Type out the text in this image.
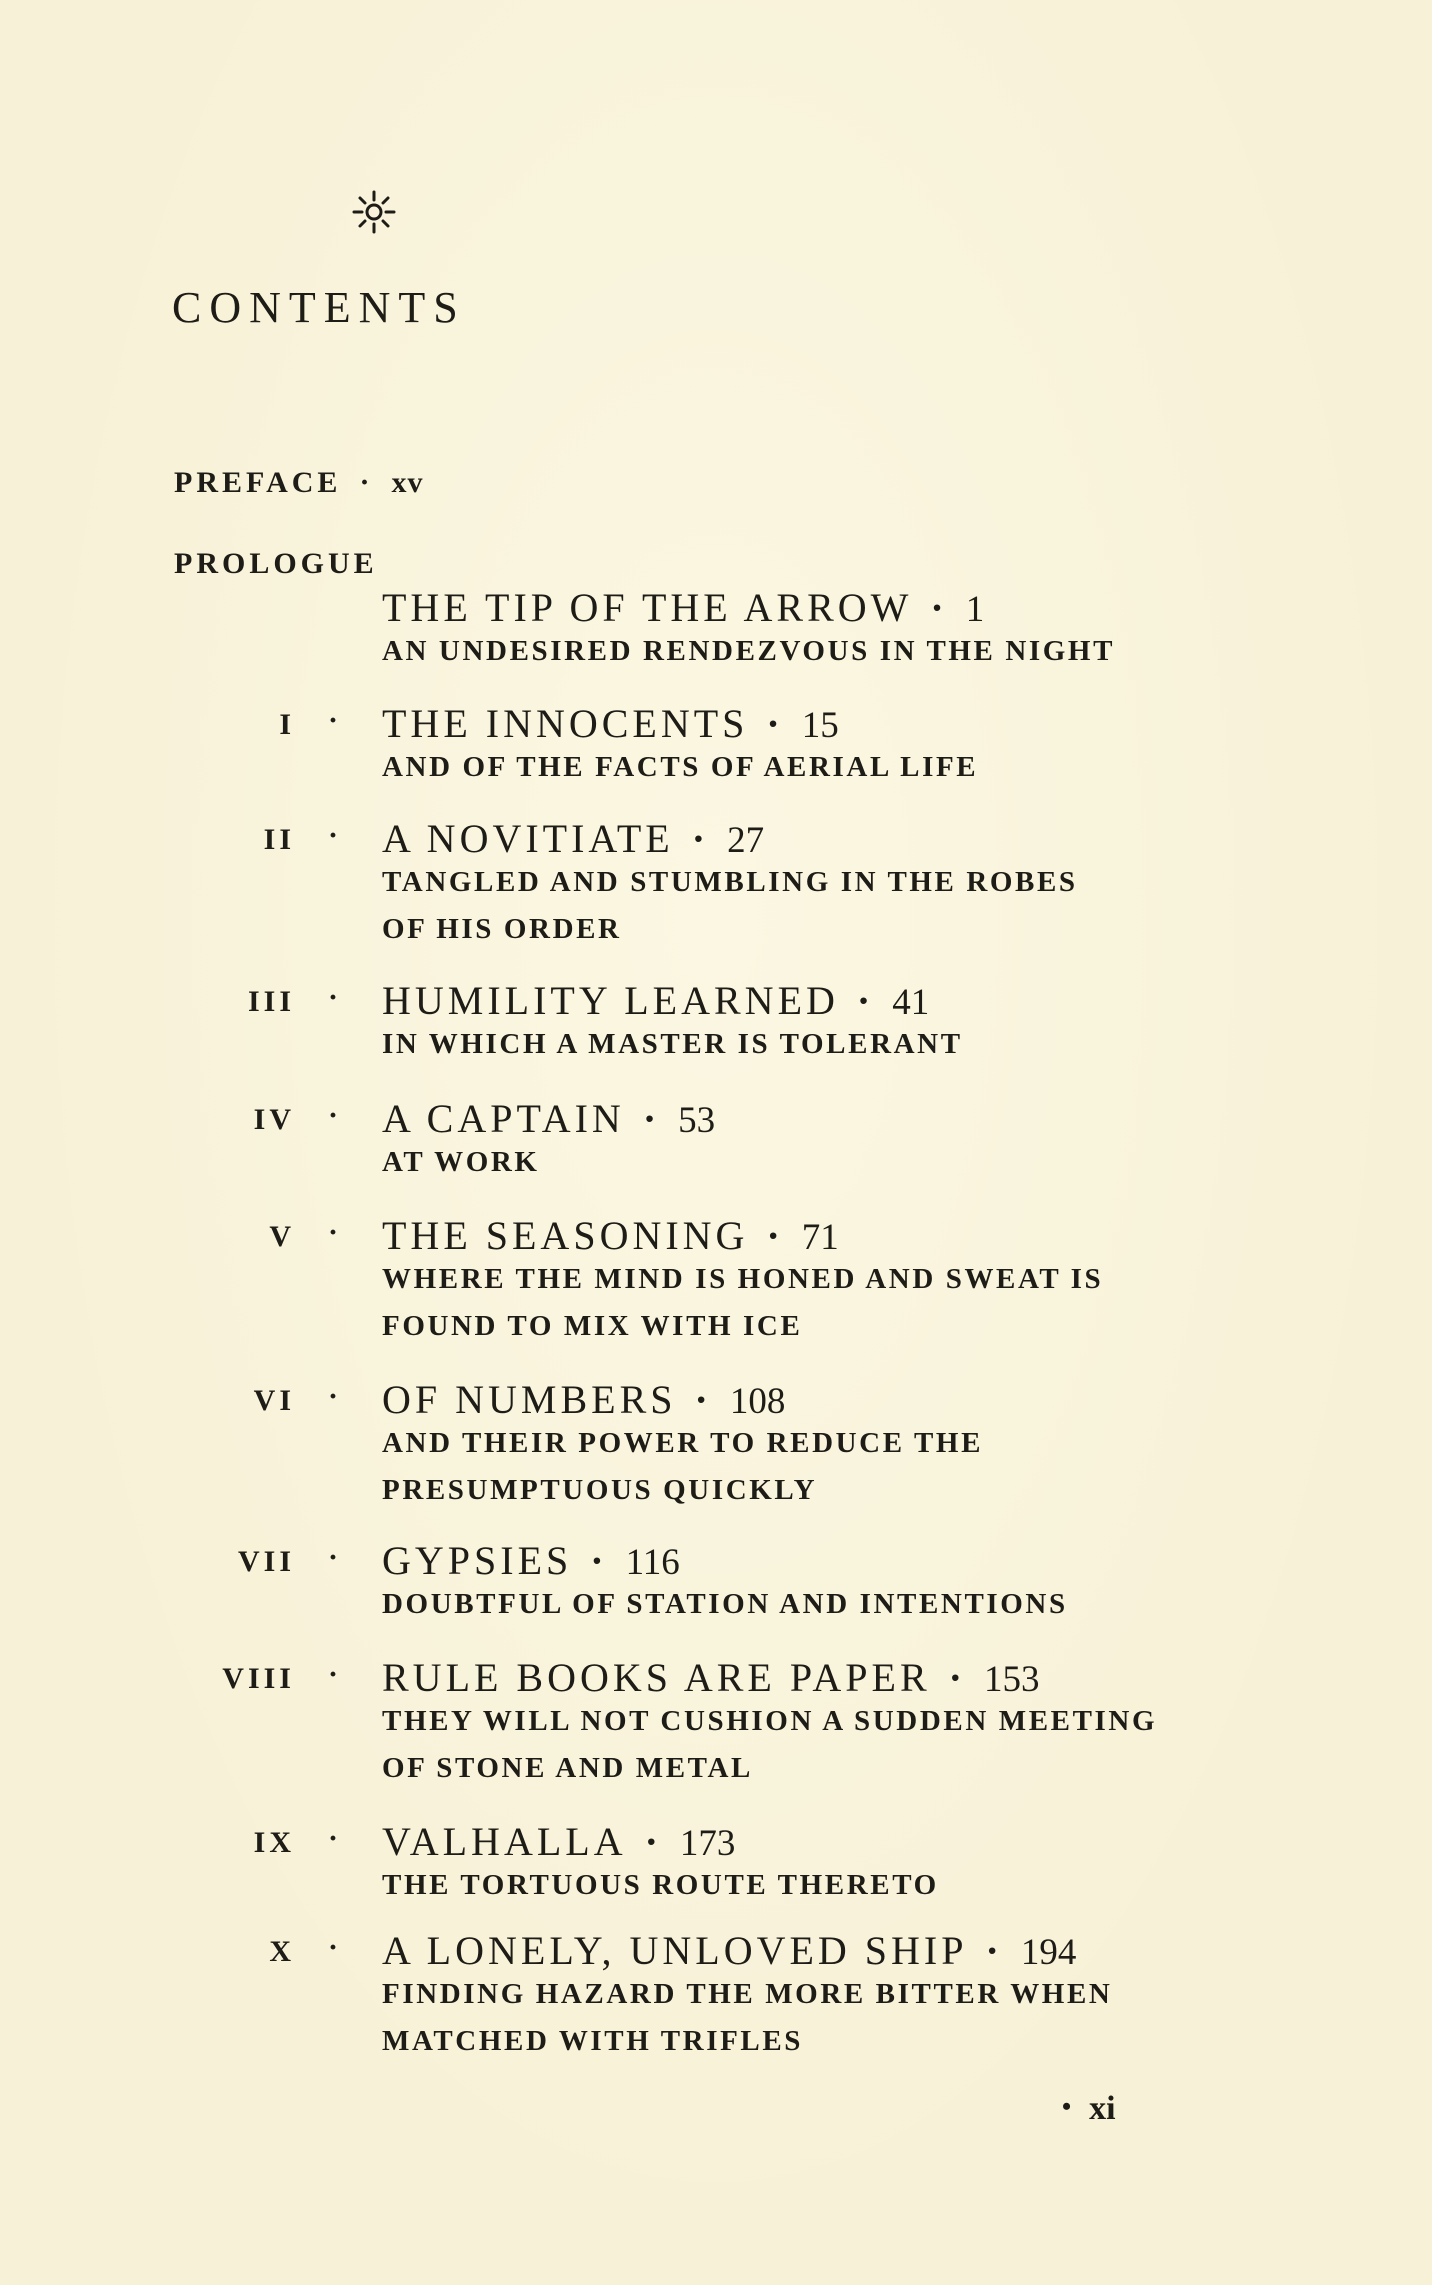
CONTENTS
PREFACE · xv
PROLOGUE
THE TIP OF THE ARROW · 1
AN UNDESIRED RENDEZVOUS IN THE NIGHT
I · THE INNOCENTS · 15
AND OF THE FACTS OF AERIAL LIFE
II · A NOVITIATE · 27
TANGLED AND STUMBLING IN THE ROBES
OF HIS ORDER
III · HUMILITY LEARNED · 41
IN WHICH A MASTER IS TOLERANT
IV · A CAPTAIN · 53
AT WORK
V · THE SEASONING · 71
WHERE THE MIND IS HONED AND SWEAT IS
FOUND TO MIX WITH ICE
VI · OF NUMBERS · 108
AND THEIR POWER TO REDUCE THE
PRESUMPTUOUS QUICKLY
VII · GYPSIES · 116
DOUBTFUL OF STATION AND INTENTIONS
VIII · RULE BOOKS ARE PAPER · 153
THEY WILL NOT CUSHION A SUDDEN MEETING
OF STONE AND METAL
IX · VALHALLA · 173
THE TORTUOUS ROUTE THERETO
X · A LONELY, UNLOVED SHIP · 194
FINDING HAZARD THE MORE BITTER WHEN
MATCHED WITH TRIFLES
• xi
